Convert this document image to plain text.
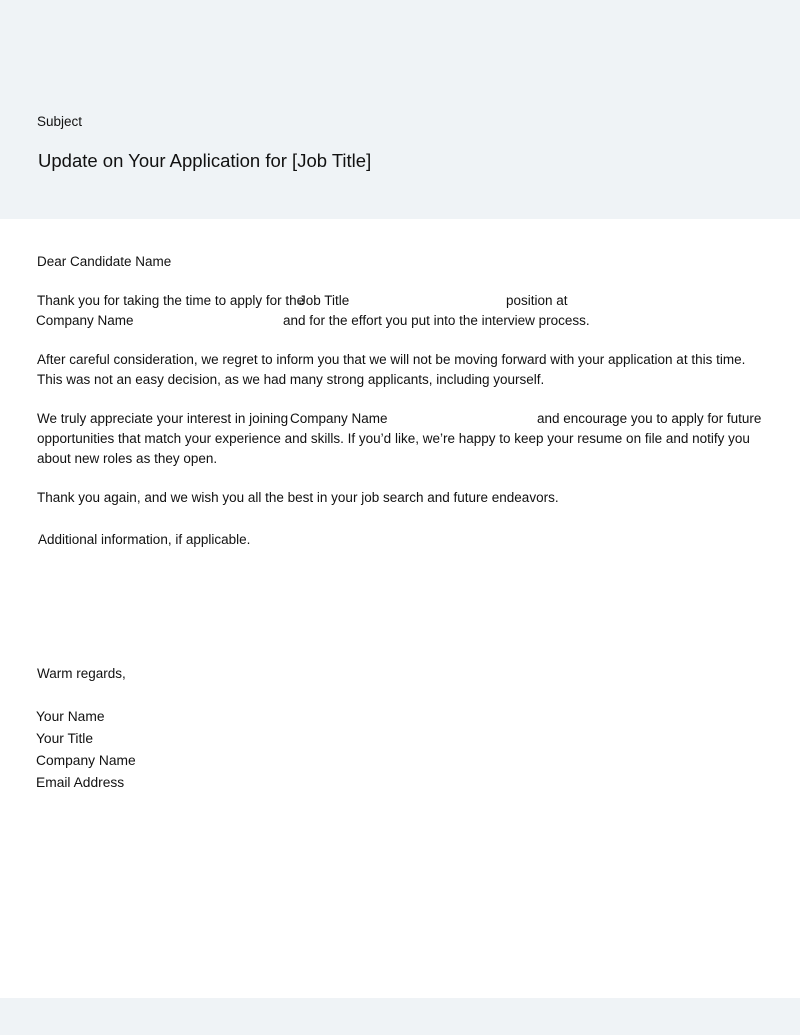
Subject
Update on Your Application for [Job Title]
Dear Candidate Name
Thank you for taking the time to apply for the
Job Title	position at
Company Name	and for the effort you put into the interview process.
After careful consideration, we regret to inform you that we will not be moving forward with your application at this time.
This was not an easy decision, as we had many strong applicants, including yourself.
We truly appreciate your interest in joining Company Name	and encourage you to apply for future
opportunities that match your experience and skills. If you’d like, we’re happy to keep your resume on file and notify you
about new roles as they open.
Thank you again, and we wish you all the best in your job search and future endeavors.
Additional information, if applicable.
Warm regards,
Your Name
Your Title
Company Name
Email Address
